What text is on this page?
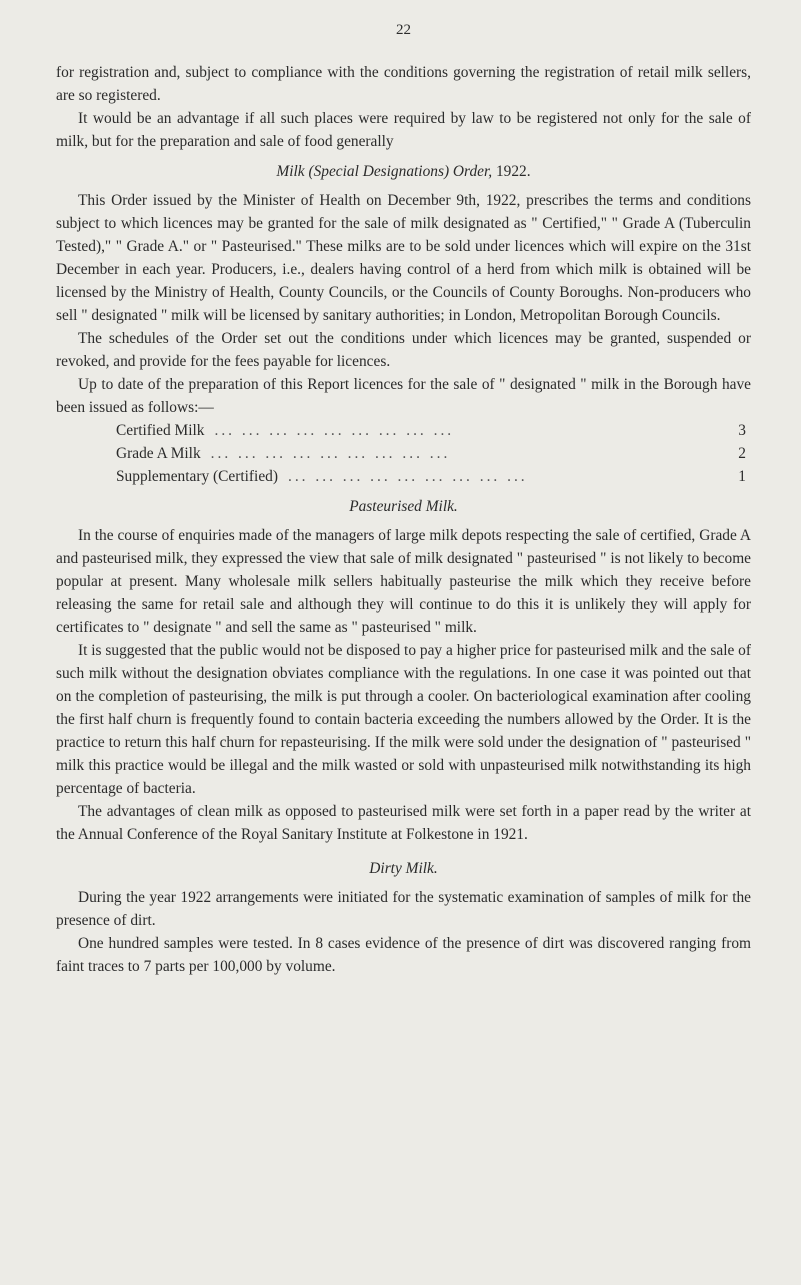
22

for registration and, subject to compliance with the conditions governing the registration of retail milk sellers, are so registered.

It would be an advantage if all such places were required by law to be registered not only for the sale of milk, but for the preparation and sale of food generally

Milk (Special Designations) Order, 1922.

This Order issued by the Minister of Health on December 9th, 1922, prescribes the terms and conditions subject to which licences may be granted for the sale of milk designated as " Certified," " Grade A (Tuberculin Tested)," " Grade A." or " Pasteurised." These milks are to be sold under licences which will expire on the 31st December in each year. Producers, i.e., dealers having control of a herd from which milk is obtained will be licensed by the Ministry of Health, County Councils, or the Councils of County Boroughs. Non-producers who sell " designated " milk will be licensed by sanitary authorities; in London, Metropolitan Borough Councils.

The schedules of the Order set out the conditions under which licences may be granted, suspended or revoked, and provide for the fees payable for licences.

Up to date of the preparation of this Report licences for the sale of " designated " milk in the Borough have been issued as follows:—

Certified Milk ... ... ... ... ... ... ... ... ...	3
Grade A Milk ... ... ... ... ... ... ... ... ...	2
Supplementary (Certified) ... ... ... ... ... ... ... ... ...	1
Pasteurised Milk.

In the course of enquiries made of the managers of large milk depots respecting the sale of certified, Grade A and pasteurised milk, they expressed the view that sale of milk designated " pasteurised " is not likely to become popular at present. Many wholesale milk sellers habitually pasteurise the milk which they receive before releasing the same for retail sale and although they will continue to do this it is unlikely they will apply for certificates to " designate " and sell the same as " pasteurised " milk.

It is suggested that the public would not be disposed to pay a higher price for pasteurised milk and the sale of such milk without the designation obviates compliance with the regulations. In one case it was pointed out that on the completion of pasteurising, the milk is put through a cooler. On bacteriological examination after cooling the first half churn is frequently found to contain bacteria exceeding the numbers allowed by the Order. It is the practice to return this half churn for repasteurising. If the milk were sold under the designation of " pasteurised " milk this practice would be illegal and the milk wasted or sold with unpasteurised milk notwithstanding its high percentage of bacteria.

The advantages of clean milk as opposed to pasteurised milk were set forth in a paper read by the writer at the Annual Conference of the Royal Sanitary Institute at Folkestone in 1921.

Dirty Milk.

During the year 1922 arrangements were initiated for the systematic examination of samples of milk for the presence of dirt.

One hundred samples were tested. In 8 cases evidence of the presence of dirt was discovered ranging from faint traces to 7 parts per 100,000 by volume.
